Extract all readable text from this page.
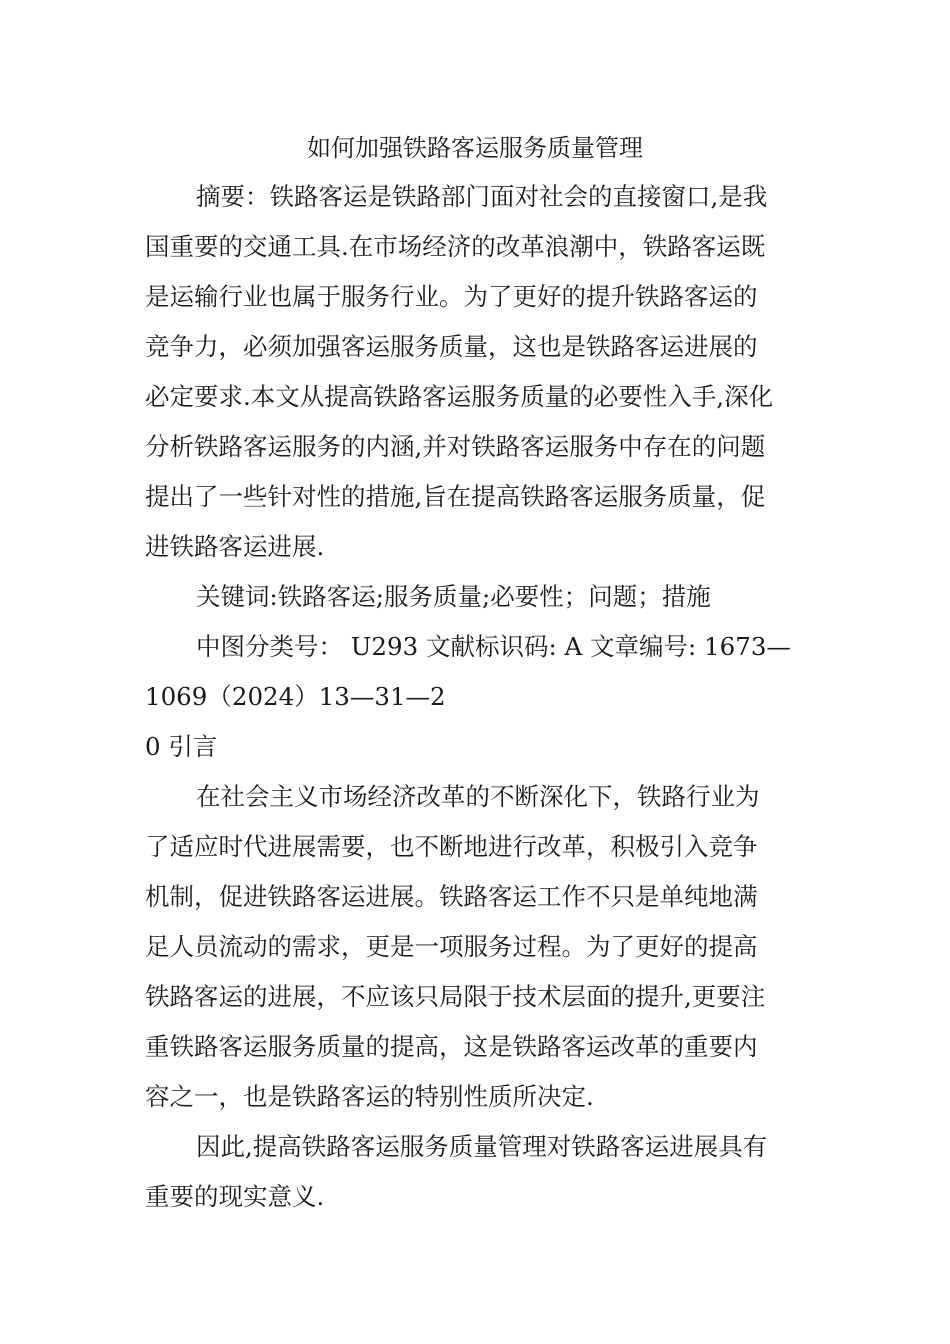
如何加强铁路客运服务质量管理
摘要：铁路客运是铁路部门面对社会的直接窗口,是我
国重要的交通工具.在市场经济的改革浪潮中，铁路客运既
是运输行业也属于服务行业。为了更好的提升铁路客运的
竞争力，必须加强客运服务质量，这也是铁路客运进展的
必定要求.本文从提高铁路客运服务质量的必要性入手,深化
分析铁路客运服务的内涵,并对铁路客运服务中存在的问题
提出了一些针对性的措施,旨在提高铁路客运服务质量，促
进铁路客运进展.
关键词:铁路客运;服务质量;必要性；问题；措施
中图分类号： U293 文献标识码: A 文章编号: 1673—
1069（2024）13—31—2
0 引言
在社会主义市场经济改革的不断深化下，铁路行业为
了适应时代进展需要，也不断地进行改革，积极引入竞争
机制，促进铁路客运进展。铁路客运工作不只是单纯地满
足人员流动的需求，更是一项服务过程。为了更好的提高
铁路客运的进展，不应该只局限于技术层面的提升,更要注
重铁路客运服务质量的提高，这是铁路客运改革的重要内
容之一，也是铁路客运的特别性质所决定.
因此,提高铁路客运服务质量管理对铁路客运进展具有
重要的现实意义.
